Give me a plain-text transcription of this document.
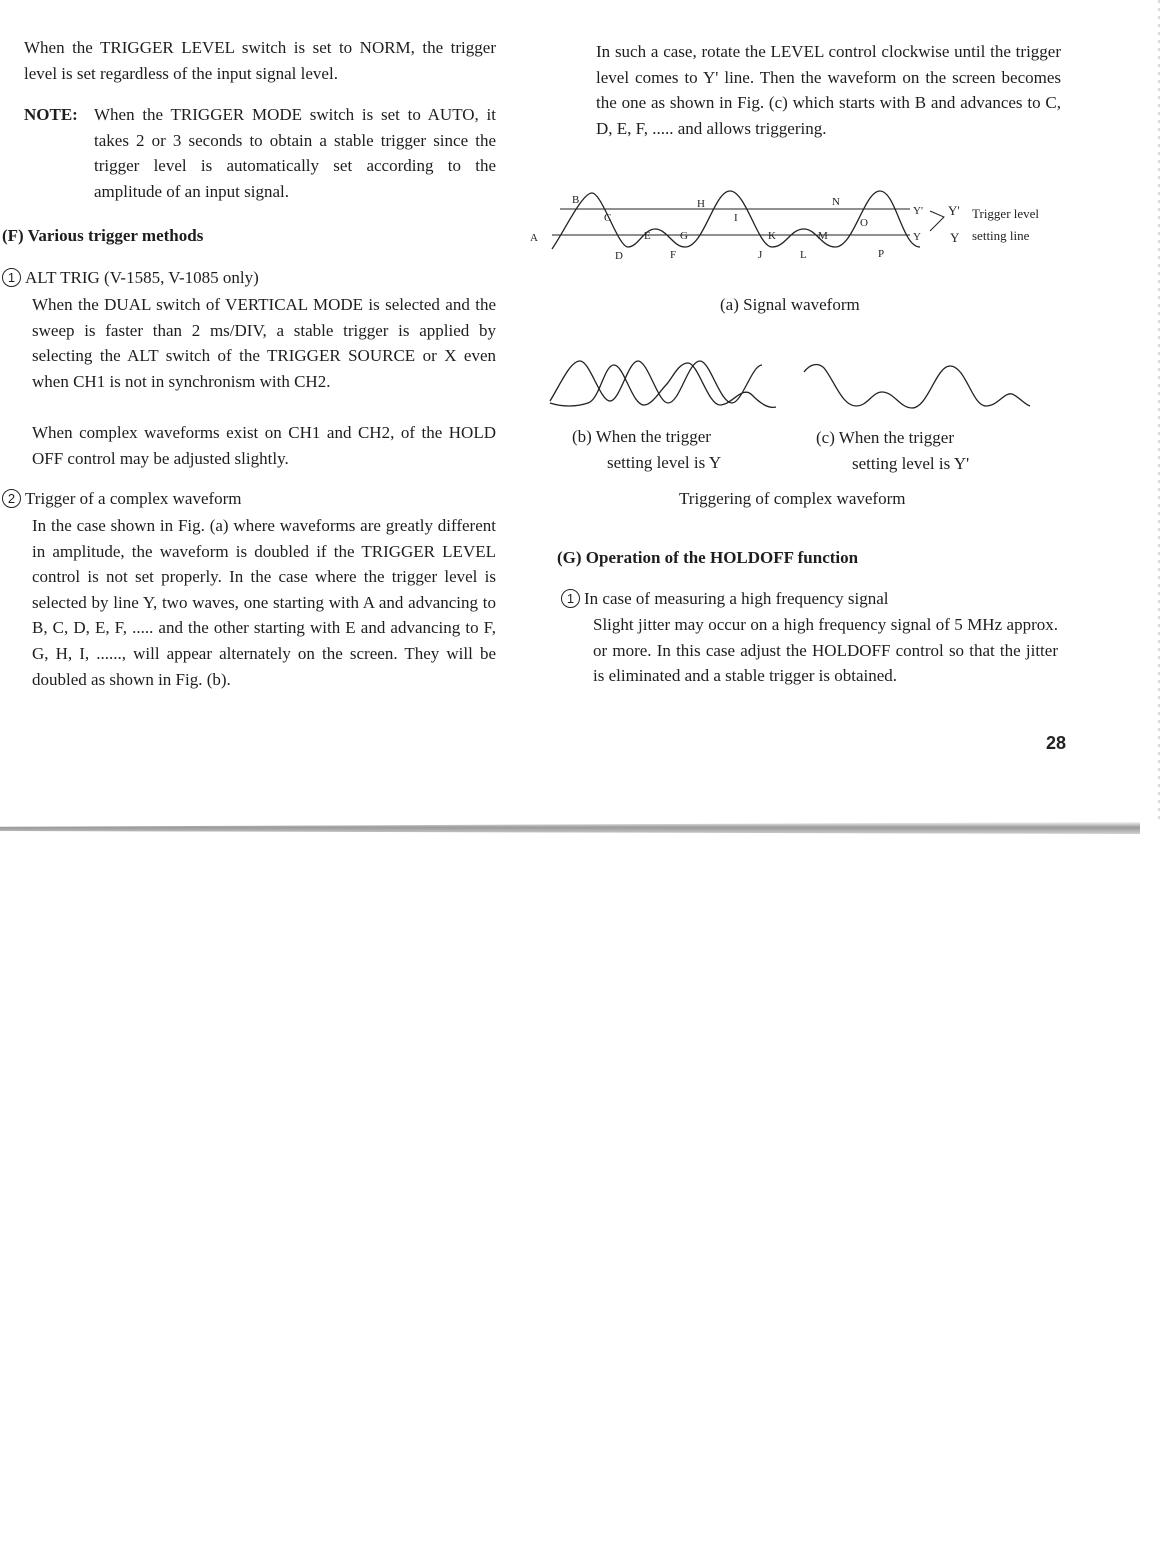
When the TRIGGER LEVEL switch is set to NORM, the trigger level is set regardless of the input signal level.

NOTE: When the TRIGGER MODE switch is set to AUTO, it takes 2 or 3 seconds to obtain a stable trigger since the trigger level is automatically set according to the amplitude of an input signal.
(F) Various trigger methods
1 ALT TRIG (V-1585, V-1085 only)

When the DUAL switch of VERTICAL MODE is selected and the sweep is faster than 2 ms/DIV, a stable trigger is applied by selecting the ALT switch of the TRIGGER SOURCE or X even when CH1 is not in synchronism with CH2.

When complex waveforms exist on CH1 and CH2, of the HOLD OFF control may be adjusted slightly.

2 Trigger of a complex waveform

In the case shown in Fig. (a) where waveforms are greatly different in amplitude, the waveform is doubled if the TRIGGER LEVEL control is not set properly. In the case where the trigger level is selected by line Y, two waves, one starting with A and advancing to B, C, D, E, F, ..... and the other starting with E and advancing to F, G, H, I, ......, will appear alternately on the screen. They will be doubled as shown in Fig. (b).

In such a case, rotate the LEVEL control clockwise until the trigger level comes to Y' line. Then the waveform on the screen becomes the one as shown in Fig. (c) which starts with B and advances to C, D, E, F, ..... and allows triggering.

B
C
A
D
E
F
G
H
I
J
K
L
M
N
O
P
Y'
Y
Y'
Y
Trigger level
setting line
(a) Signal waveform
(b) When the trigger
setting level is Y
(c) When the trigger
setting level is Y'
Triggering of complex waveform
(G) Operation of the HOLDOFF function
1 In case of measuring a high frequency signal

Slight jitter may occur on a high frequency signal of 5 MHz approx. or more. In this case adjust the HOLDOFF control so that the jitter is eliminated and a stable trigger is obtained.

28
